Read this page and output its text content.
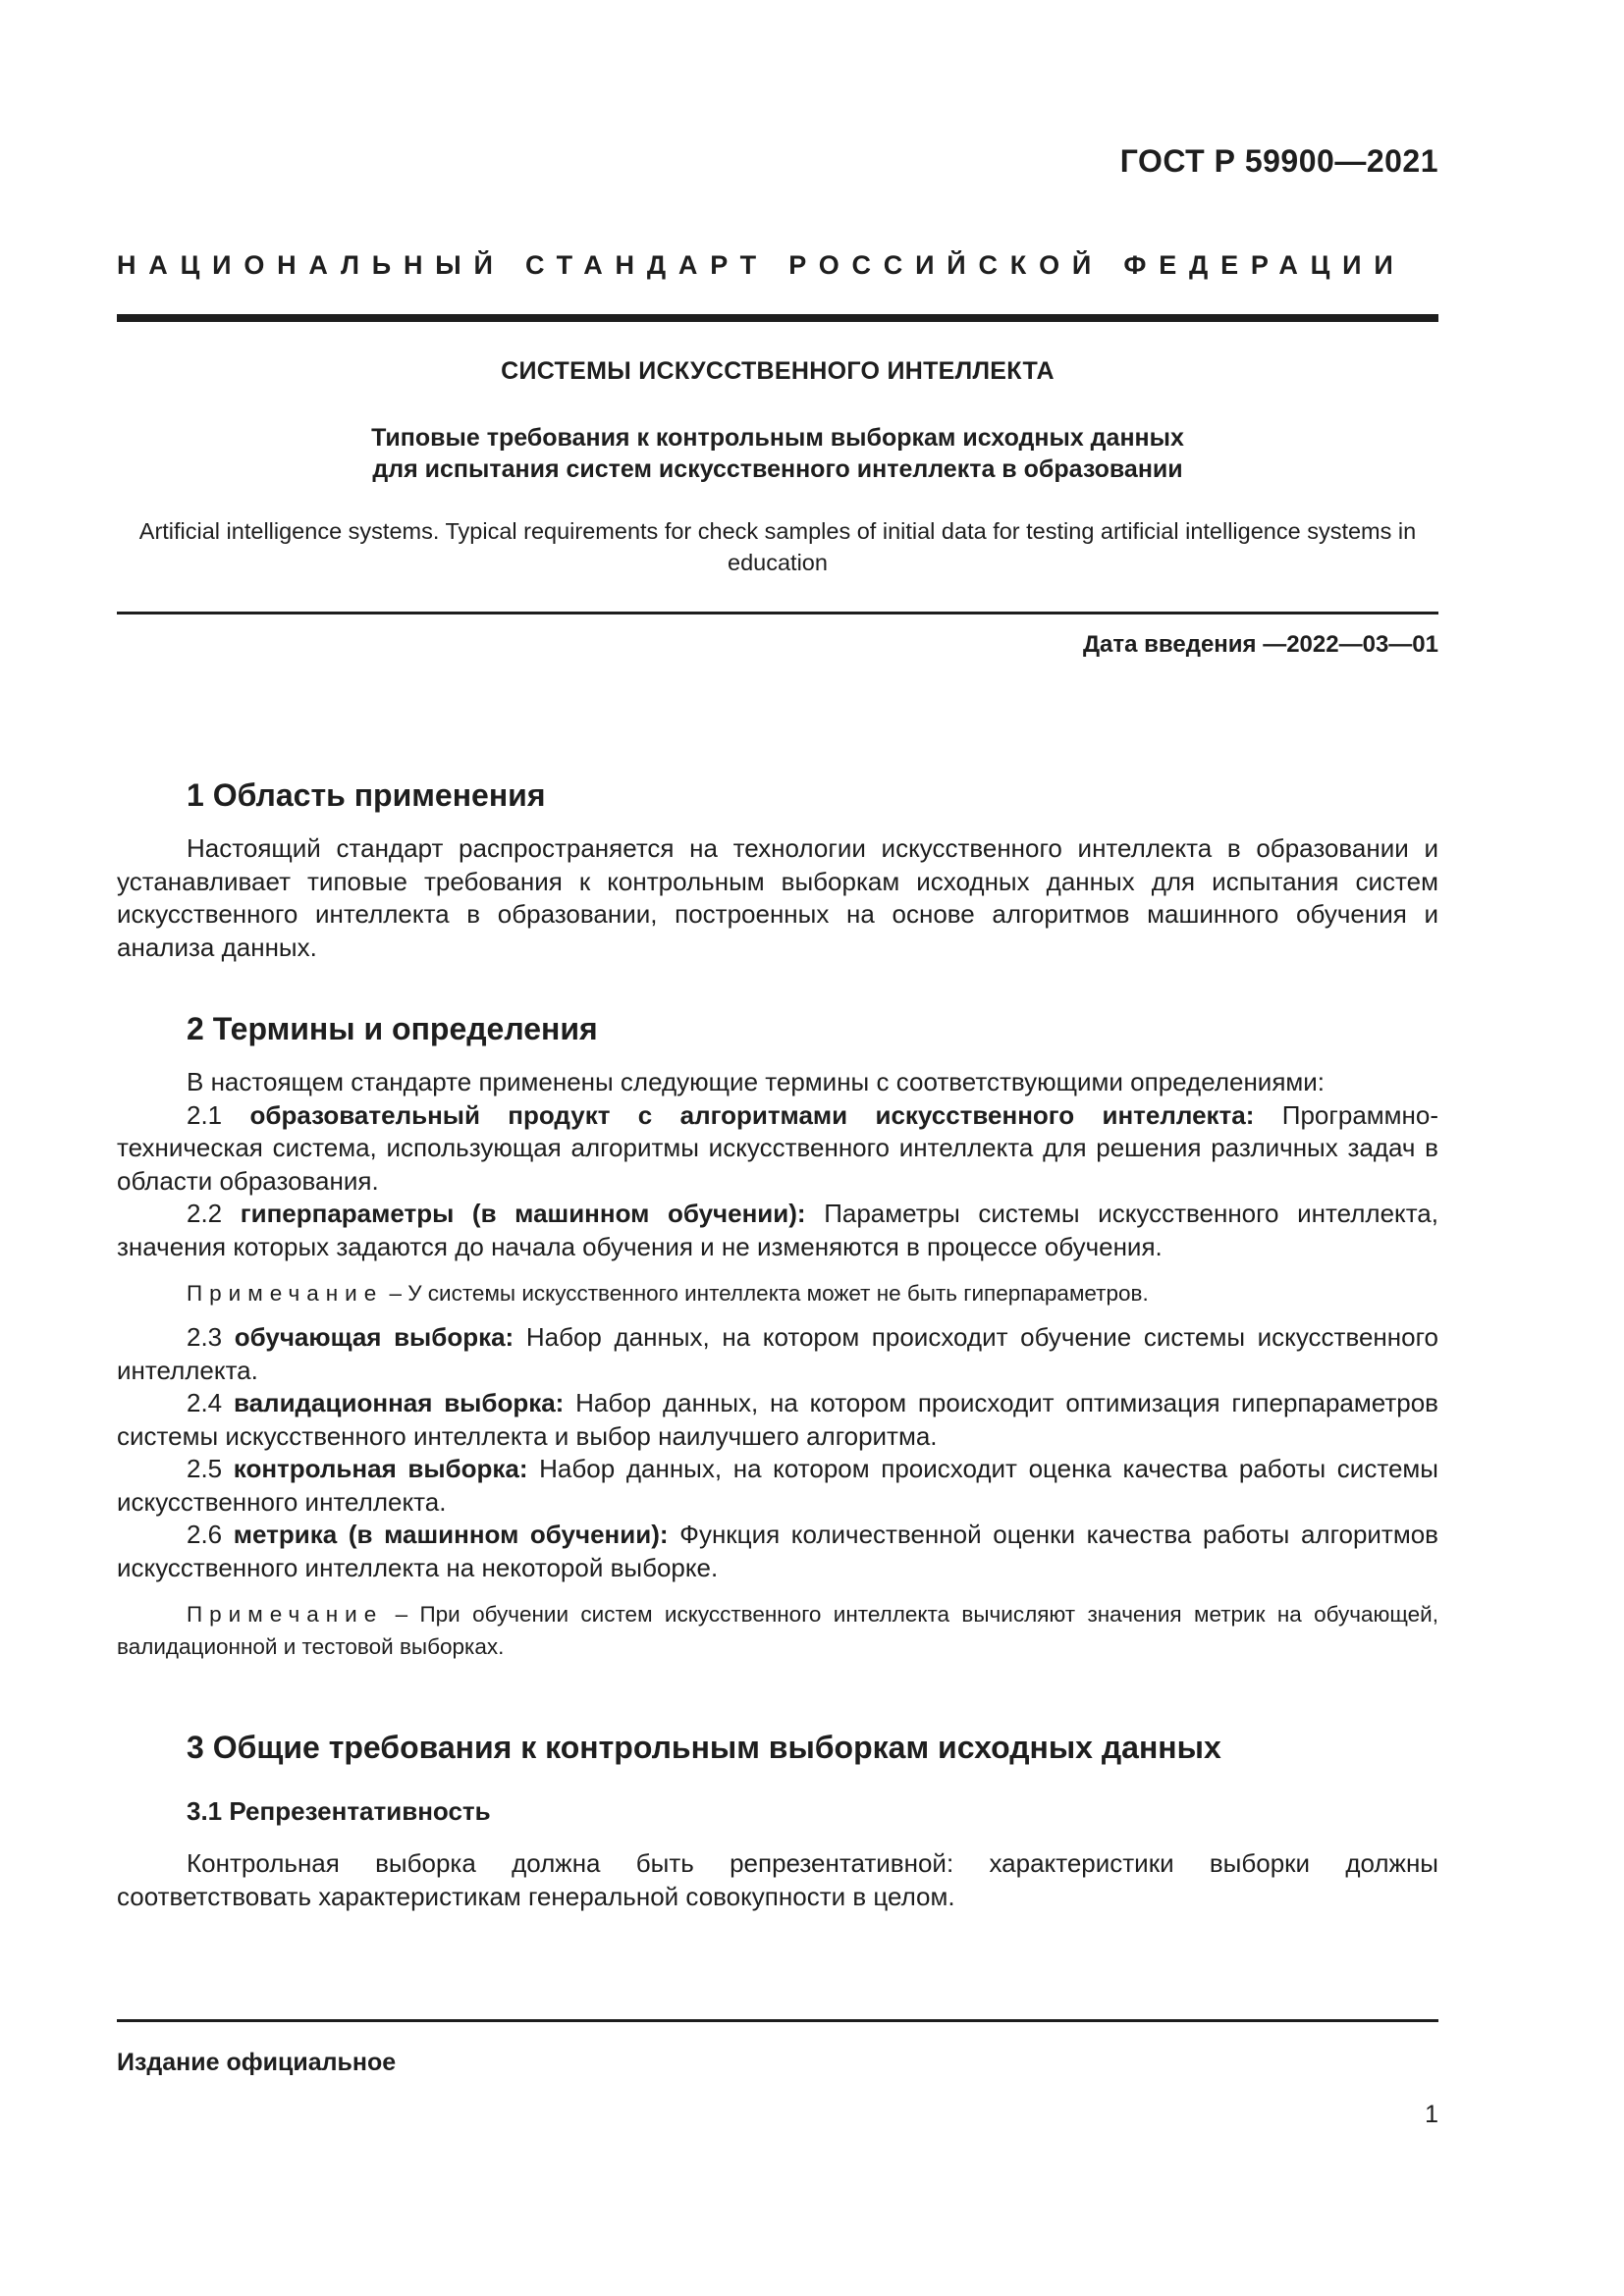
ГОСТ Р 59900—2021
НАЦИОНАЛЬНЫЙ СТАНДАРТ РОССИЙСКОЙ ФЕДЕРАЦИИ
СИСТЕМЫ ИСКУССТВЕННОГО ИНТЕЛЛЕКТА
Типовые требования к контрольным выборкам исходных данных
для испытания систем искусственного интеллекта в образовании
Artificial intelligence systems. Typical requirements for check samples of initial data for testing artificial intelligence systems in education
Дата введения —2022—03—01
1 Область применения

Настоящий стандарт распространяется на технологии искусственного интеллекта в образовании и устанавливает типовые требования к контрольным выборкам исходных данных для испытания систем искусственного интеллекта в образовании, построенных на основе алгоритмов машинного обучения и анализа данных.

2 Термины и определения

В настоящем стандарте применены следующие термины с соответствующими определениями:

2.1 образовательный продукт с алгоритмами искусственного интеллекта: Программно-техническая система, использующая алгоритмы искусственного интеллекта для решения различных задач в области образования.

2.2 гиперпараметры (в машинном обучении): Параметры системы искусственного интеллекта, значения которых задаются до начала обучения и не изменяются в процессе обучения.

Примечание – У системы искусственного интеллекта может не быть гиперпараметров.

2.3 обучающая выборка: Набор данных, на котором происходит обучение системы искусственного интеллекта.

2.4 валидационная выборка: Набор данных, на котором происходит оптимизация гиперпараметров системы искусственного интеллекта и выбор наилучшего алгоритма.

2.5 контрольная выборка: Набор данных, на котором происходит оценка качества работы системы искусственного интеллекта.

2.6 метрика (в машинном обучении): Функция количественной оценки качества работы алгоритмов искусственного интеллекта на некоторой выборке.

Примечание – При обучении систем искусственного интеллекта вычисляют значения метрик на обучающей, валидационной и тестовой выборках.

3 Общие требования к контрольным выборкам исходных данных
3.1 Репрезентативность

Контрольная выборка должна быть репрезентативной: характеристики выборки должны соответствовать характеристикам генеральной совокупности в целом.

Издание официальное
1
